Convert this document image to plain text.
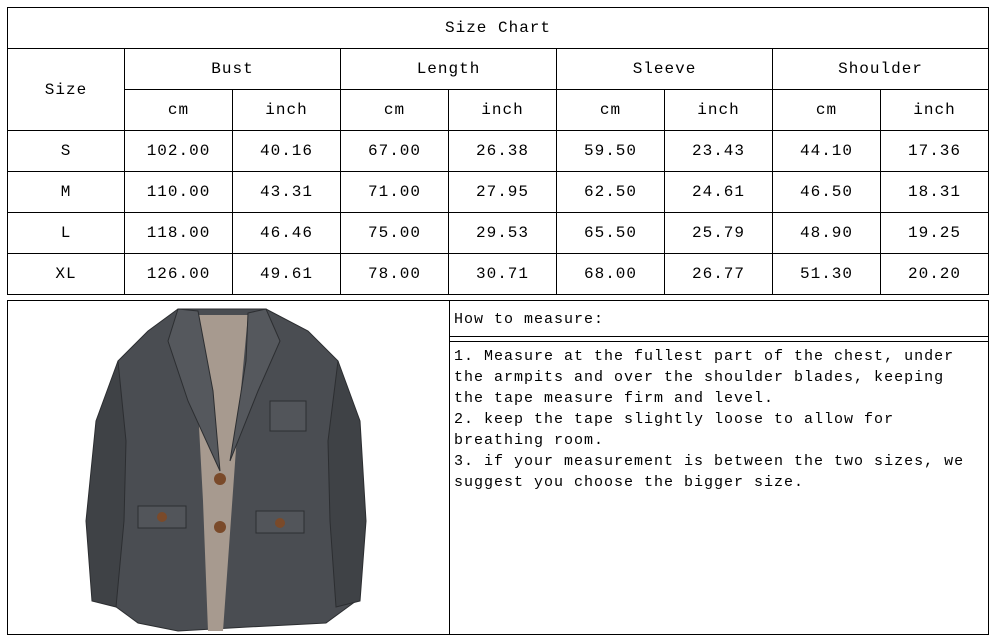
Size Chart								
Size	Bust		Length		Sleeve		Shoulder	
	cm	inch	cm	inch	cm	inch	cm	inch
S	102.00	40.16	67.00	26.38	59.50	23.43	44.10	17.36
M	110.00	43.31	71.00	27.95	62.50	24.61	46.50	18.31
L	118.00	46.46	75.00	29.53	65.50	25.79	48.90	19.25
XL	126.00	49.61	78.00	30.71	68.00	26.77	51.30	20.20
How to measure:

1. Measure at the fullest part of the chest, under the armpits and over the shoulder blades, keeping the tape measure firm and level.

2. keep the tape slightly loose to allow for breathing room.

3. if your measurement is between the two sizes, we suggest you choose the bigger size.
